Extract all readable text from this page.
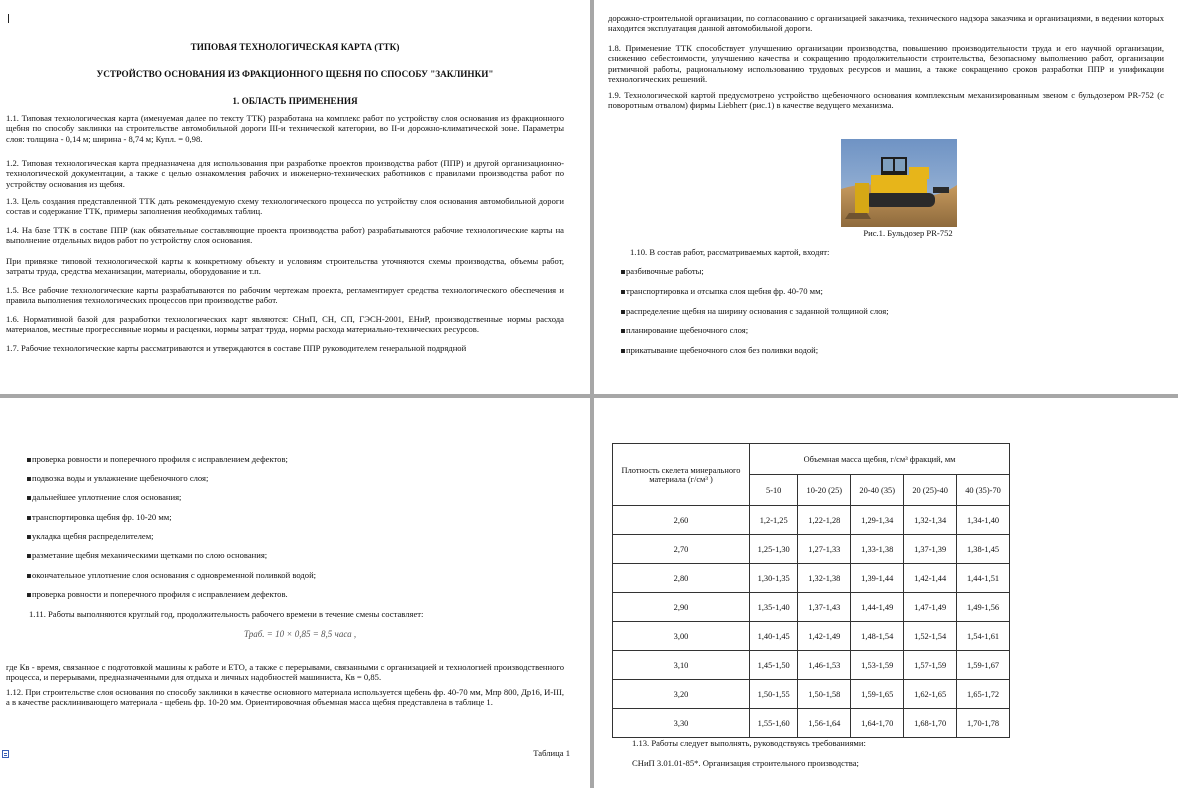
ТИПОВАЯ ТЕХНОЛОГИЧЕСКАЯ КАРТА (ТТК)

УСТРОЙСТВО ОСНОВАНИЯ ИЗ ФРАКЦИОННОГО ЩЕБНЯ ПО СПОСОБУ "ЗАКЛИНКИ"

1. ОБЛАСТЬ ПРИМЕНЕНИЯ

1.1. Типовая технологическая карта (именуемая далее по тексту ТТК) разработана на комплекс работ по устройству слоя основания из фракционного щебня по способу заклинки на строительстве автомобильной дороги III-и технической категории, во II-и дорожно-климатической зоне. Параметры слоя: толщина - 0,14 м; ширина - 8,74 м; Купл. = 0,98.

1.2. Типовая технологическая карта предназначена для использования при разработке проектов производства работ (ППР) и другой организационно-технологической документации, а также с целью ознакомления рабочих и инженерно-технических работников с правилами производства работ по устройству основания из щебня.

1.3. Цель создания представленной ТТК дать рекомендуемую схему технологического процесса по устройству слоя основания автомобильной дороги состав и содержание ТТК, примеры заполнения необходимых таблиц.

1.4. На базе ТТК в составе ППР (как обязательные составляющие проекта производства работ) разрабатываются рабочие технологические карты на выполнение отдельных видов работ по устройству слоя основания.

При привязке типовой технологической карты к конкретному объекту и условиям строительства уточняются схемы производства, объемы работ, затраты труда, средства механизации, материалы, оборудование и т.п.

1.5. Все рабочие технологические карты разрабатываются по рабочим чертежам проекта, регламентирует средства технологического обеспечения и правила выполнения технологических процессов при производстве работ.

1.6. Нормативной базой для разработки технологических карт являются: СНиП, СН, СП, ГЭСН-2001, ЕНиР, производственные нормы расхода материалов, местные прогрессивные нормы и расценки, нормы затрат труда, нормы расхода материально-технических ресурсов.

1.7. Рабочие технологические карты рассматриваются и утверждаются в составе ППР руководителем генеральной подрядной

дорожно-строительной организации, по согласованию с организацией заказчика, технического надзора заказчика и организациями, в ведении которых находится эксплуатация данной автомобильной дороги.

1.8. Применение ТТК способствует улучшению организации производства, повышению производительности труда и его научной организации, снижению себестоимости, улучшению качества и сокращению продолжительности строительства, безопасному выполнению работ, организации ритмичной работы, рациональному использованию трудовых ресурсов и машин, а также сокращению сроков разработки ППР и унификации технологических решений.

1.9. Технологической картой предусмотрено устройство щебеночного основания комплексным механизированным звеном с бульдозером PR-752 (с поворотным отвалом) фирмы Liebherr (рис.1) в качестве ведущего механизма.

Рис.1. Бульдозер PR-752

1.10. В состав работ, рассматриваемых картой, входят:

разбивочные работы;
транспортировка и отсыпка слоя щебня фр. 40-70 мм;
распределение щебня на ширину основания с заданной толщиной слоя;
планирование щебеночного слоя;
прикатывание щебеночного слоя без поливки водой;
проверка ровности и поперечного профиля с исправлением дефектов;
подвозка воды и увлажнение щебеночного слоя;
дальнейшее уплотнение слоя основания;
транспортировка щебня фр. 10-20 мм;
укладка щебня распределителем;
разметание щебня механическими щетками по слою основания;
окончательное уплотнение слоя основания с одновременной поливкой водой;
проверка ровности и поперечного профиля с исправлением дефектов.

1.11. Работы выполняются круглый год, продолжительность рабочего времени в течение смены составляет:

Траб. = 10 × 0,85 = 8,5 часа ,

где Кв - время, связанное с подготовкой машины к работе и ЕТО, а также с перерывами, связанными с организацией и технологией производственного процесса, и перерывами, предназначенными для отдыха и личных надобностей машиниста, Кв = 0,85.

1.12. При строительстве слоя основания по способу заклинки в качестве основного материала используется щебень фр. 40-70 мм, Мпр 800, Др16, И-III, а в качестве расклинивающего материала - щебень фр. 10-20 мм. Ориентировочная объемная масса щебня представлена в таблице 1.

Таблица 1

Плотность скелета минерального материала (г/см³ )	Объемная масса щебня, г/см³ фракций, мм				
	5-10	10-20 (25)	20-40 (35)	20 (25)-40	40 (35)-70
2,60	1,2-1,25	1,22-1,28	1,29-1,34	1,32-1,34	1,34-1,40
2,70	1,25-1,30	1,27-1,33	1,33-1,38	1,37-1,39	1,38-1,45
2,80	1,30-1,35	1,32-1,38	1,39-1,44	1,42-1,44	1,44-1,51
2,90	1,35-1,40	1,37-1,43	1,44-1,49	1,47-1,49	1,49-1,56
3,00	1,40-1,45	1,42-1,49	1,48-1,54	1,52-1,54	1,54-1,61
3,10	1,45-1,50	1,46-1,53	1,53-1,59	1,57-1,59	1,59-1,67
3,20	1,50-1,55	1,50-1,58	1,59-1,65	1,62-1,65	1,65-1,72
3,30	1,55-1,60	1,56-1,64	1,64-1,70	1,68-1,70	1,70-1,78

1.13. Работы следует выполнять, руководствуясь требованиями:

СНиП 3.01.01-85*. Организация строительного производства;
